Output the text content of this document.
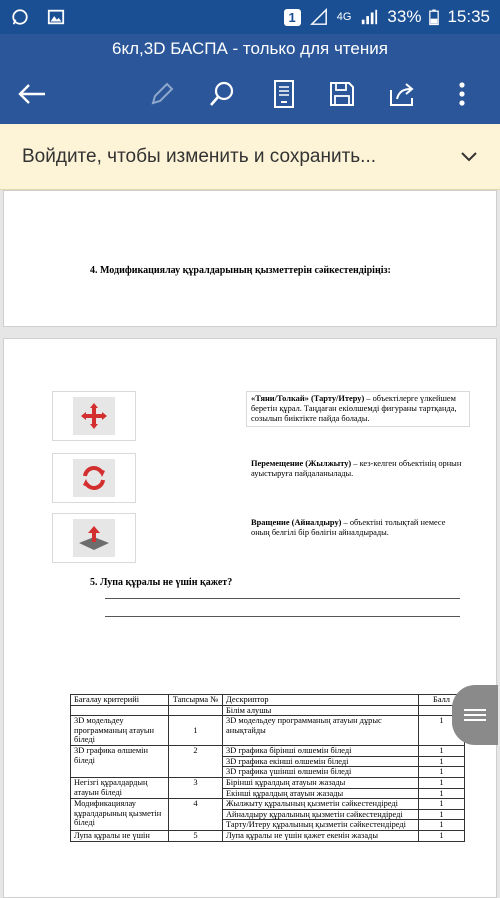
1	4G 33% 15:35
6кл,3D БАСПА - только для чтения
Войдите, чтобы изменить и сохранить...
4. Модификациялау құралдарының қызметтерін сәйкестендіріңіз:
«Тяни/Толкай» (Тарту/Итеру) – объектілерге үлкейшем беретін құрал. Таңдаған екіөлшемді фигураны тартқанда, созылып биіктікте пайда болады.
Перемещение (Жылжыту) – кез-келген объектінің орнын ауыстыруға пайдаланылады.
Вращение (Айналдыру) – объектіні толықтай немесе оның белгілі бір бөлігін айналдырады.
5. Лупа құралы не үшін қажет?
Бағалау критерийі	Тапсырма №	Дескриптор	Балл
		Білім алушы	
3D модельдеу программаның атауын біледі	1	3D модельдеу программаның атауын дұрыс анықтайды	1
3D графика өлшемін біледі	2	3D графика бірінші өлшемін біледі	1
		3D графика екінші өлшемін біледі	1
		3D графика үшінші өлшемін біледі	1
Негізгі құралдардың атауын біледі	3	Бірінші құралдың атауын жазады	1
		Екінші құралдың атауын жазады	1
Модификациялау құралдарының қызметін біледі	4	Жылжыту құралының қызметін сәйкестендіреді	1
		Айналдыру құралының қызметін сәйкестендіреді	1
		Тарту/Итеру құралының қызметін сәйкестендіреді	1
Лупа құралы не үшін	5	Лупа құралы не үшін қажет екенін жазады	1
